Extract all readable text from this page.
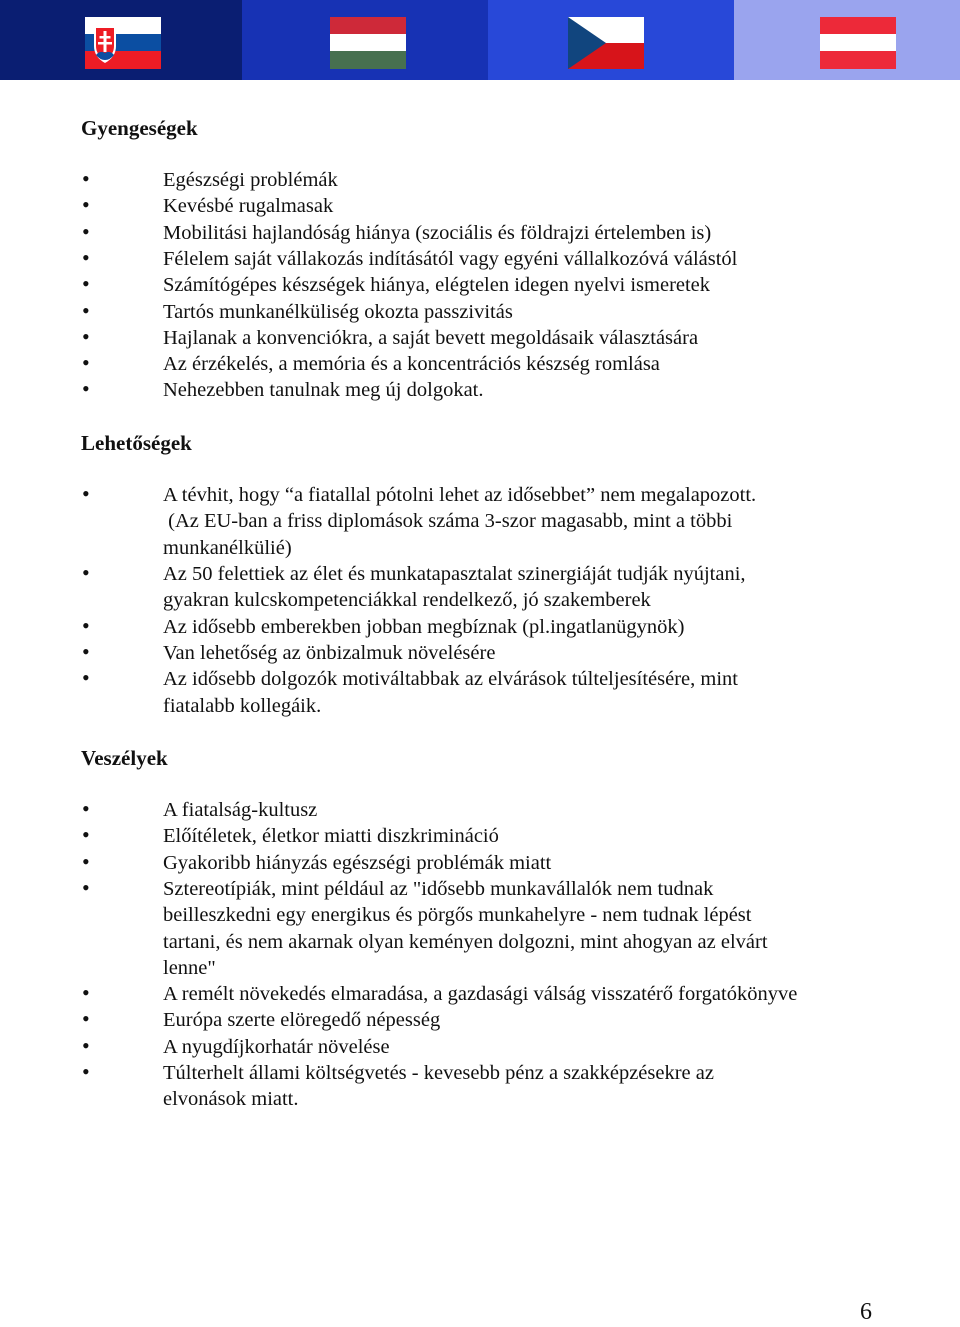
Gyengeségek

•	Egészségi problémák

•	Kevésbé rugalmasak

•	Mobilitási hajlandóság hiánya (szociális és földrajzi értelemben is)

•	Félelem saját vállakozás indításától vagy egyéni vállalkozóvá válástól

•	Számítógépes készségek hiánya, elégtelen idegen nyelvi ismeretek

•	Tartós munkanélküliség okozta passzivitás

•	Hajlanak a konvenciókra, a saját bevett megoldásaik választására

•	Az érzékelés, a memória és a koncentrációs készség romlása

•	Nehezebben tanulnak meg új dolgokat.

Lehetőségek

•	A tévhit, hogy “a fiatallal pótolni lehet az idősebbet” nem megalapozott.
(Az EU-ban a friss diplomások száma 3-szor magasabb, mint a többi
munkanélkülié)

•	Az 50 felettiek az élet és munkatapasztalat szinergiáját tudják nyújtani,
gyakran kulcskompetenciákkal rendelkező, jó szakemberek

•	Az idősebb emberekben jobban megbíznak (pl.ingatlanügynök)

•	Van lehetőség az önbizalmuk növelésére

•	Az idősebb dolgozók motiváltabbak az elvárások túlteljesítésére, mint
fiatalabb kollegáik.

Veszélyek

•	A fiatalság-kultusz

•	Előítéletek, életkor miatti diszkrimináció

•	Gyakoribb hiányzás egészségi problémák miatt

•	Sztereotípiák, mint például az "idősebb munkavállalók nem tudnak
beilleszkedni egy energikus és pörgős munkahelyre - nem tudnak lépést
tartani, és nem akarnak olyan keményen dolgozni, mint ahogyan az elvárt
lenne"

•	A remélt növekedés elmaradása, a gazdasági válság visszatérő forgatókönyve

•	Európa szerte elöregedő népesség

•	A nyugdíjkorhatár növelése

•	Túlterhelt állami költségvetés - kevesebb pénz a szakképzésekre az
elvonások miatt.

6
